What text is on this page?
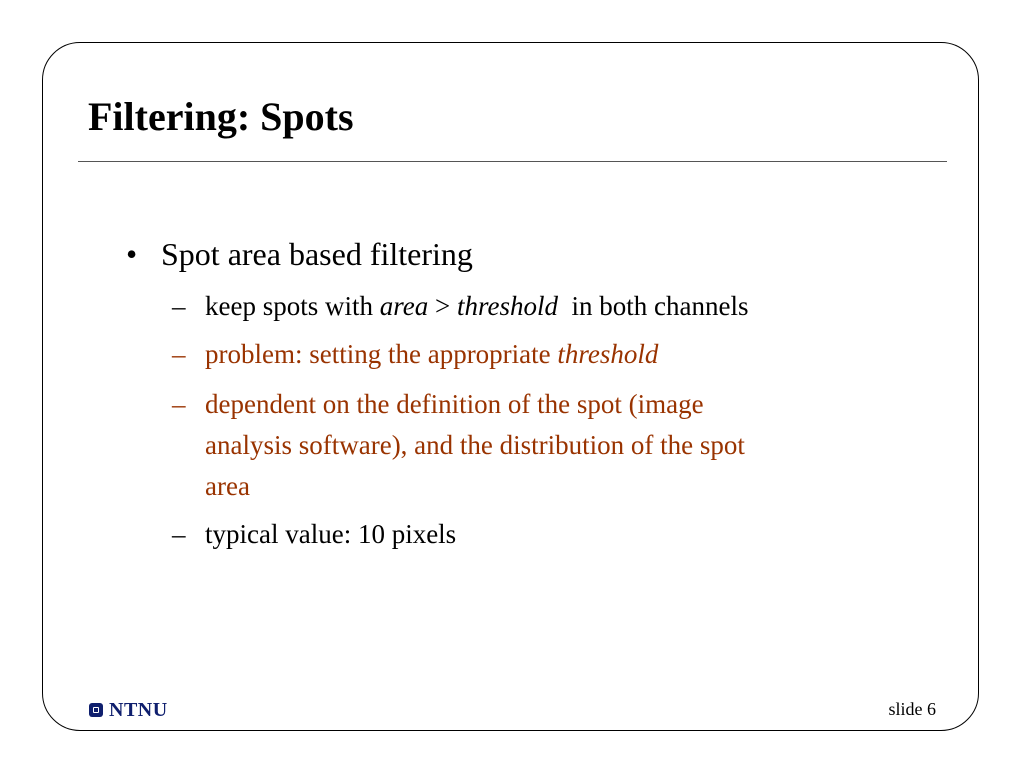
Filtering: Spots
• Spot area based filtering
– keep spots with area > threshold  in both channels
– problem: setting the appropriate threshold
– dependent on the definition of the spot (image
analysis software), and the distribution of the spot
area
– typical value: 10 pixels
NTNU	slide 6
